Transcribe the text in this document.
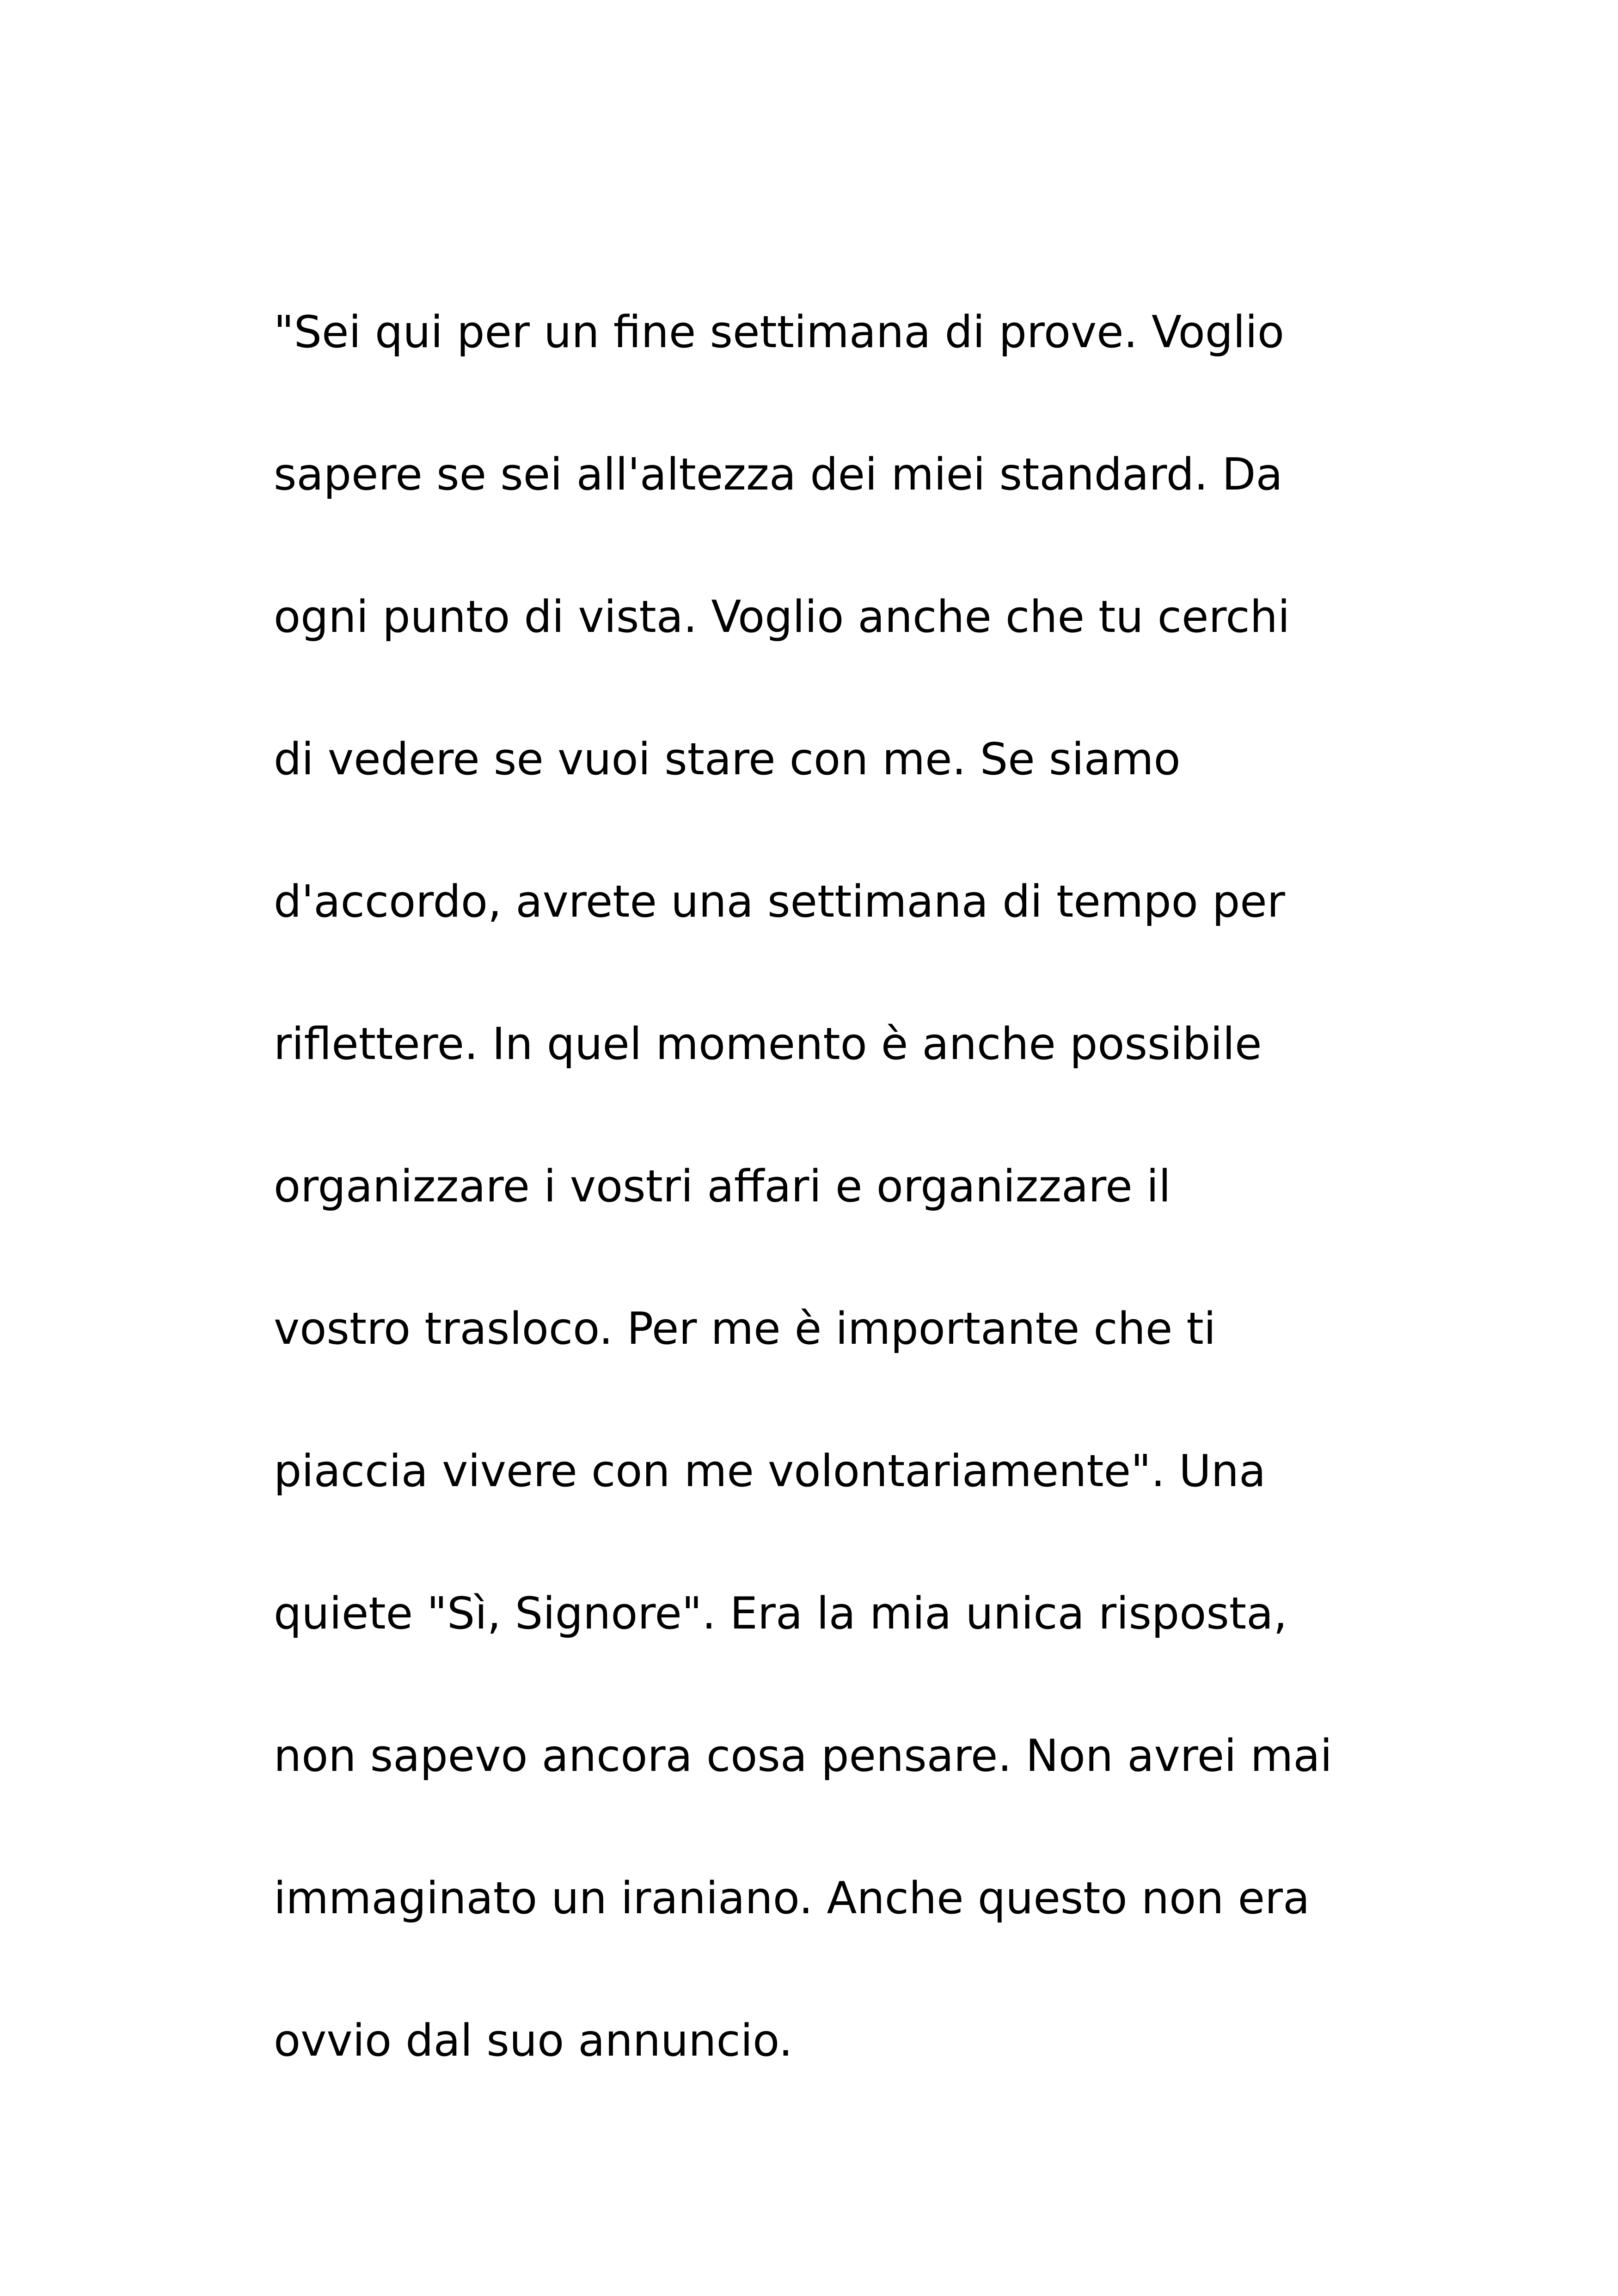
"Sei qui per un fine settimana di prove. Voglio
sapere se sei all'altezza dei miei standard. Da
ogni punto di vista. Voglio anche che tu cerchi
di vedere se vuoi stare con me. Se siamo
d'accordo, avrete una settimana di tempo per
riflettere. In quel momento è anche possibile
organizzare i vostri affari e organizzare il
vostro trasloco. Per me è importante che ti
piaccia vivere con me volontariamente". Una
quiete "Sì, Signore". Era la mia unica risposta,
non sapevo ancora cosa pensare. Non avrei mai
immaginato un iraniano. Anche questo non era
ovvio dal suo annuncio.
